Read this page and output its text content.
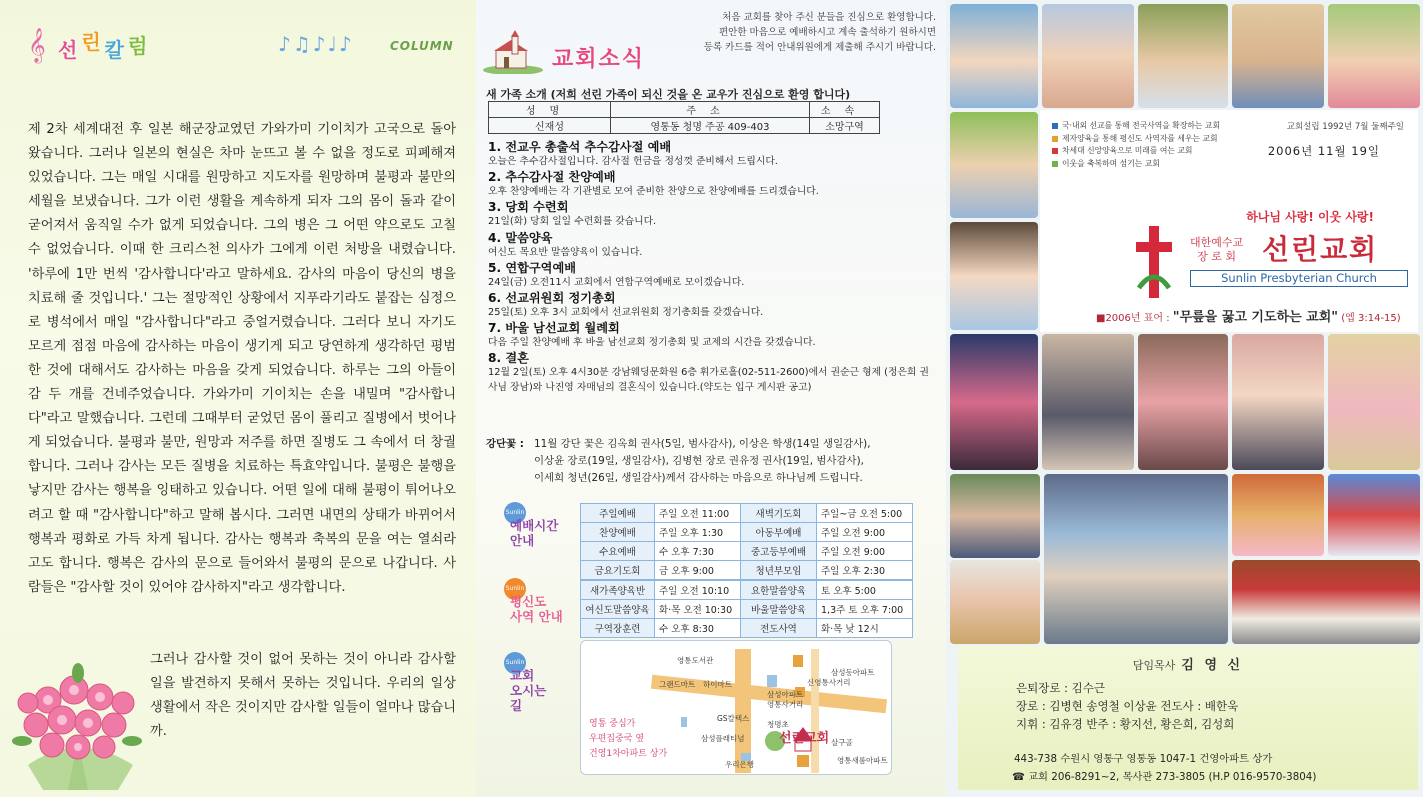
𝄞 선린칼럼	♪♫♪♩♪	COLUMN

제 2차 세계대전 후 일본 해군장교였던 가와가미 기이치가 고국으로 돌아왔습니다. 그러나 일본의 현실은 차마 눈뜨고 볼 수 없을 정도로 피폐해져 있었습니다. 그는 매일 시대를 원망하고 지도자를 원망하며 불평과 불만의 세월을 보냈습니다. 그가 이런 생활을 계속하게 되자 그의 몸이 돌과 같이 굳어져서 움직일 수가 없게 되었습니다. 그의 병은 그 어떤 약으로도 고칠 수 없었습니다. 이때 한 크리스천 의사가 그에게 이런 처방을 내렸습니다. '하루에 1만 번씩 '감사합니다'라고 말하세요. 감사의 마음이 당신의 병을 치료해 줄 것입니다.' 그는 절망적인 상황에서 지푸라기라도 붙잡는 심정으로 병석에서 매일 "감사합니다"라고 중얼거렸습니다. 그러다 보니 자기도 모르게 점점 마음에 감사하는 마음이 생기게 되고 당연하게 생각하던 평범한 것에 대해서도 감사하는 마음을 갖게 되었습니다. 하루는 그의 아들이 감 두 개를 건네주었습니다. 가와가미 기이치는 손을 내밀며 "감사합니다"라고 말했습니다. 그런데 그때부터 굳었던 몸이 풀리고 질병에서 벗어나게 되었습니다. 불평과 불만, 원망과 저주를 하면 질병도 그 속에서 더 창궐합니다. 그러나 감사는 모든 질병을 치료하는 특효약입니다. 불평은 불행을 낳지만 감사는 행복을 잉태하고 있습니다. 어떤 일에 대해 불평이 튀어나오려고 할 때 "감사합니다"하고 말해 봅시다. 그러면 내면의 상태가 바뀌어서 행복과 평화로 가득 차게 됩니다. 감사는 행복과 축복의 문을 여는 열쇠라고도 합니다. 행복은 감사의 문으로 들어와서 불평의 문으로 나갑니다. 사람들은 "감사할 것이 있어야 감사하지"라고 생각합니다.

그러나 감사할 것이 없어 못하는 것이 아니라 감사할 일을 발견하지 못해서 못하는 것입니다. 우리의 일상생활에서 작은 것이지만 감사할 일들이 얼마나 많습니까.

교회소식
처음 교회를 찾아 주신 분들을 진심으로 환영합니다.
편안한 마음으로 예배하시고 계속 출석하기 원하시면
등록 카드를 적어 안내위원에게 제출해 주시기 바랍니다.
새 가족 소개 (저희 선린 가족이 되신 것을 온 교우가 진심으로 환영 합니다)
성명	주소	소속
신재성	영통동 청명 주공 409-403	소망구역
1. 전교우 총출석 추수감사절 예배

오늘은 추수감사절입니다. 감사절 헌금을 정성껏 준비해서 드립시다.

2. 추수감사절 찬양예배

오후 찬양예배는 각 기관별로 모여 준비한 찬양으로 찬양예배를 드리겠습니다.

3. 당회 수련회

21일(화) 당회 일일 수련회를 갖습니다.

4. 말씀양육

여신도 목요반 말씀양육이 있습니다.

5. 연합구역예배

24일(금) 오전11시 교회에서 연합구역예배로 모이겠습니다.

6. 선교위원회 정기총회

25일(토) 오후 3시 교회에서 선교위원회 정기총회를 갖겠습니다.

7. 바울 남선교회 월례회

다음 주일 찬양예배 후 바울 남선교회 정기총회 및 교제의 시간을 갖겠습니다.

8. 결혼

12월 2일(토) 오후 4시30분 강남웨딩문화원 6층 휘가로홀(02-511-2600)에서 권순근 형제 (정은희 권사님 장남)와 나진영 자매님의 결혼식이 있습니다.(약도는 입구 게시판 공고)

강단꽃 : 11월 강단 꽃은 김옥희 권사(5일, 범사감사), 이상은 학생(14일 생일감사),
이상윤 장로(19일, 생일감사), 김병현 장로 권유정 권사(19일, 범사감사),
이세희 청년(26일, 생일감사)께서 감사하는 마음으로 하나님께 드립니다.
Sunlin
예배시간
안내
주일예배	주일 오전 11:00	새벽기도회	주일~금 오전 5:00
찬양예배	주일 오후 1:30	아동부예배	주일 오전 9:00
수요예배	수 오후 7:30	중고등부예배	주일 오전 9:00
금요기도회	금 오후 9:00	청년부모임	주일 오후 2:30
Sunlin
평신도
사역 안내
새가족양육반	주일 오전 10:10	요한말씀양육	토 오후 5:00
여신도말씀양육	화·목 오전 10:30	바울말씀양육	1,3주 토 오후 7:00
구역장훈련	수 오후 8:30	전도사역	화·목 낮 12시
Sunlin
교회
오시는
길
영통도서관
그랜드마트 하이마트
삼성아파트
영통사거리
GS칼텍스
신영통사거리
삼성플래티넘
우리은행
청명초
살구골
삼성동아파트
영통새롬아파트
영통 중심가
우편집중국 옆
건영1차아파트 상가
선린교회
국·내외 선교를 통해 전국사역을 확장하는 교회
제자양육을 통해 평신도 사역자를 세우는 교회
차세대 신앙양육으로 미래를 여는 교회
이웃을 축복하며 섬기는 교회
교회설립 1992년 7월 둘째주일
2006년 11월 19일
하나님 사랑! 이웃 사랑!
대한예수교
장 로 회 선린교회
Sunlin Presbyterian Church
■2006년 표어 : "무릎을 꿇고 기도하는 교회" (엡 3:14-15)
담임목사 김 영 신
은퇴장로 : 김수근
장로 : 김병현 송영철 이상윤 전도사 : 배한욱
지휘 : 김유경 반주 : 황지선, 황은희, 김성희
443-738 수원시 영통구 영통동 1047-1 건영아파트 상가
☎ 교회 206-8291~2, 목사관 273-3805 (H.P 016-9570-3804)
